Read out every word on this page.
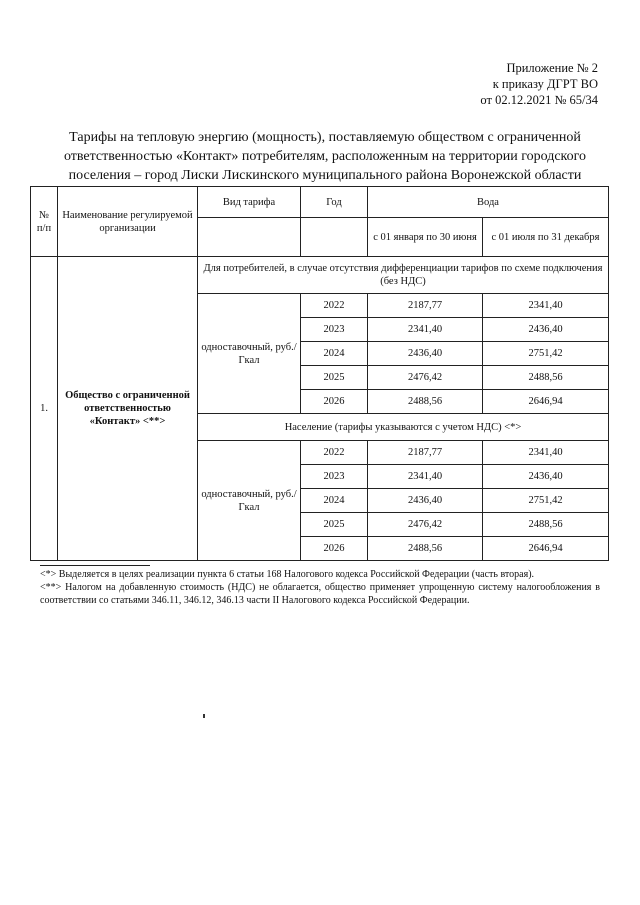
Приложение № 2
к приказу ДГРТ ВО
от 02.12.2021 № 65/34
Тарифы на тепловую энергию (мощность), поставляемую обществом с ограниченной ответственностью «Контакт» потребителям, расположенным на территории городского поселения – город Лиски Лискинского муниципального района Воронежской области
№ п/п	Наименование регулируемой организации	Вид тарифа	Год	Вода	
				с 01 января по 30 июня	с 01 июля по 31 декабря
1.	Общество с ограниченной ответственностью «Контакт» <**>	Для потребителей, в случае отсутствия дифференциации тарифов по схеме подключения (без НДС)			
		одноставочный, руб./Гкал	2022	2187,77	2341,40
			2023	2341,40	2436,40
			2024	2436,40	2751,42
			2025	2476,42	2488,56
			2026	2488,56	2646,94
		Население (тарифы указываются с учетом НДС) <*>			
		одноставочный, руб./Гкал	2022	2187,77	2341,40
			2023	2341,40	2436,40
			2024	2436,40	2751,42
			2025	2476,42	2488,56
			2026	2488,56	2646,94
<*> Выделяется в целях реализации пункта 6 статьи 168 Налогового кодекса Российской Федерации (часть вторая).
<**> Налогом на добавленную стоимость (НДС) не облагается, общество применяет упрощенную систему налогообложения в соответствии со статьями 346.11, 346.12, 346.13 части II Налогового кодекса Российской Федерации.
